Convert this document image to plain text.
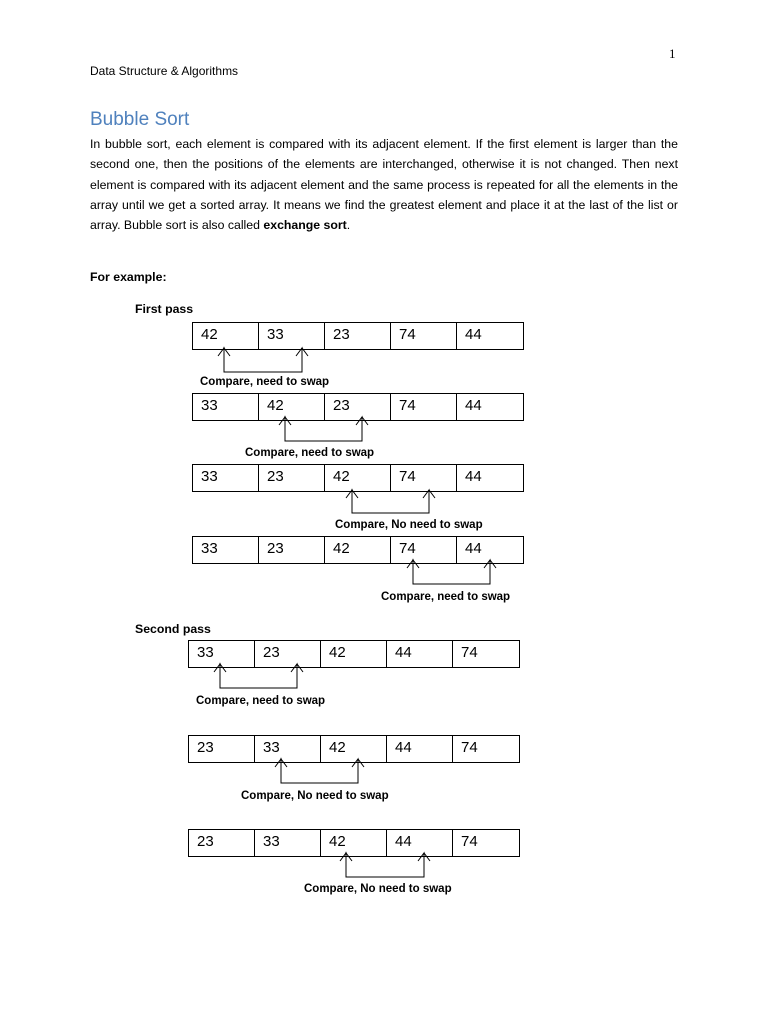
1
Data Structure & Algorithms
Bubble Sort

In bubble sort, each element is compared with its adjacent element. If the first element is larger than the second one, then the positions of the elements are interchanged, otherwise it is not changed. Then next element is compared with its adjacent element and the same process is repeated for all the elements in the array until we get a sorted array. It means we find the greatest element and place it at the last of the list or array. Bubble sort is also called exchange sort.

For example:
First pass
42	33	23	74	44
Compare, need to swap
33	42	23	74	44
Compare, need to swap
33	23	42	74	44
Compare, No need to swap
33	23	42	74	44
Compare, need to swap
Second pass
33	23	42	44	74
Compare, need to swap
23	33	42	44	74
Compare, No need to swap
23	33	42	44	74
Compare, No need to swap
